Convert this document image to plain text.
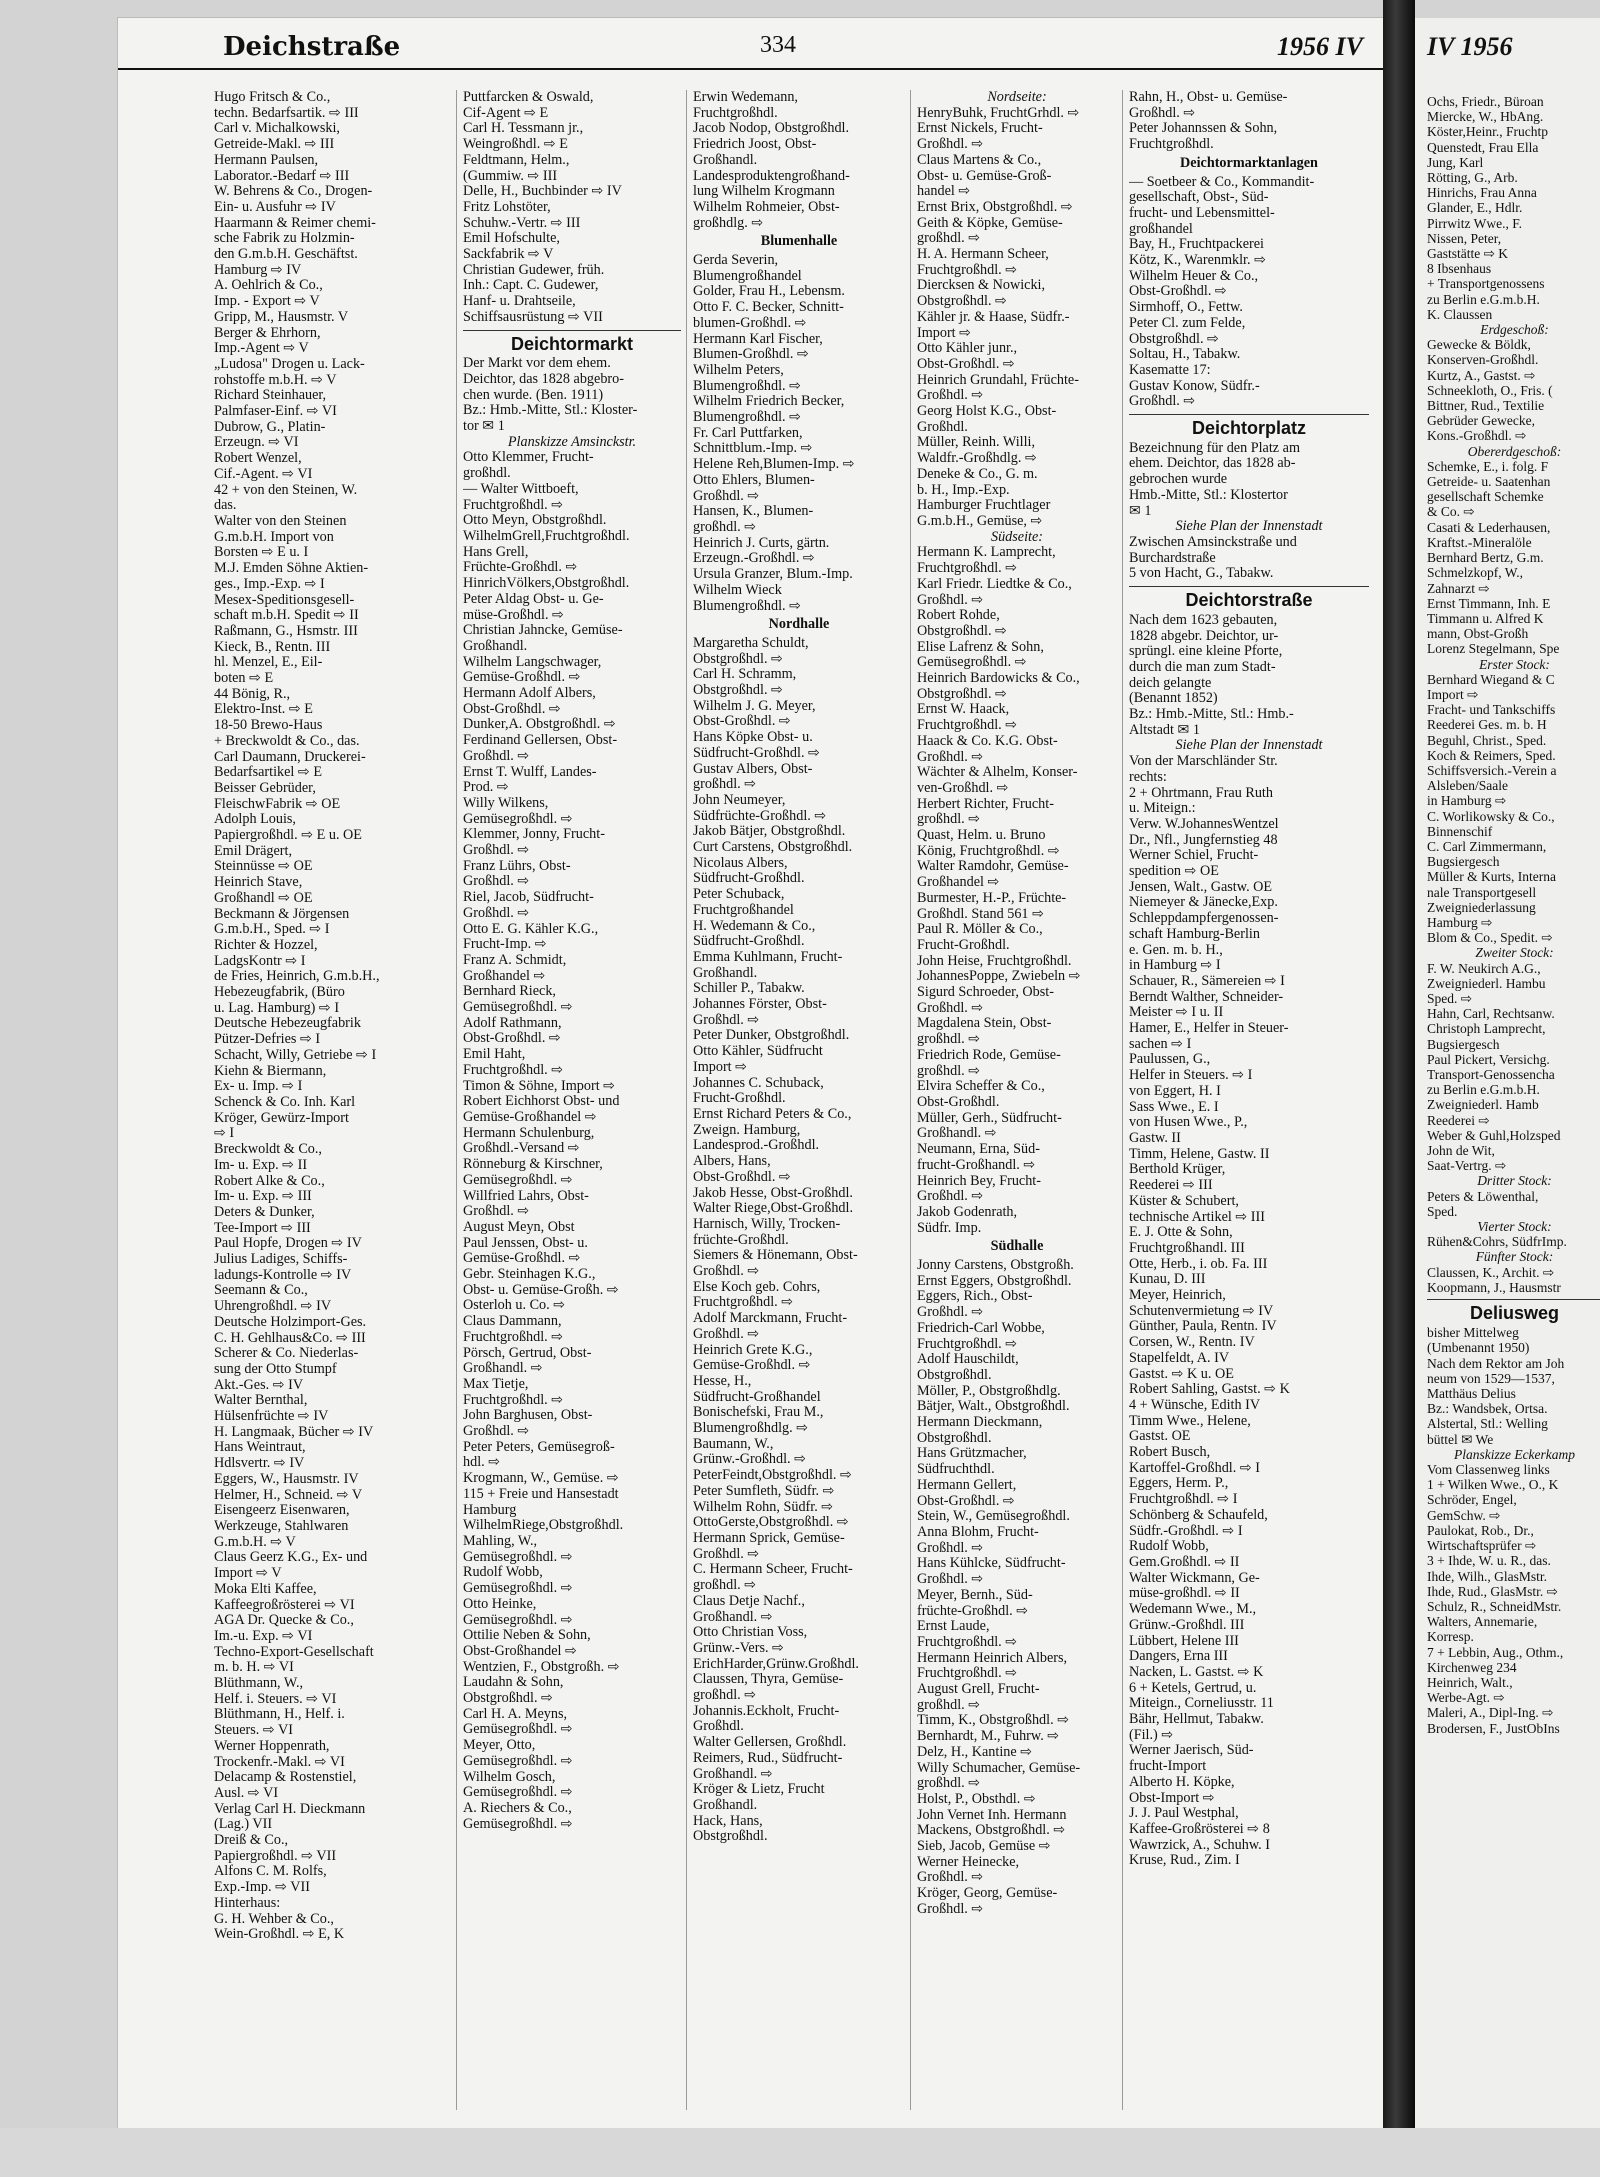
Deichstraße	334	1956 IV
Hugo Fritsch & Co.,
techn. Bedarfsartik. ⇨ III
Carl v. Michalkowski,
Getreide-Makl. ⇨ III
Hermann Paulsen,
Laborator.-Bedarf ⇨ III
W. Behrens & Co., Drogen-
Ein- u. Ausfuhr ⇨ IV
Haarmann & Reimer chemi-
sche Fabrik zu Holzmin-
den G.m.b.H. Geschäftst.
Hamburg ⇨ IV
A. Oehlrich & Co.,
Imp. - Export ⇨ V
Gripp, M., Hausmstr. V
Berger & Ehrhorn,
Imp.-Agent ⇨ V
„Ludosa" Drogen u. Lack-
rohstoffe m.b.H. ⇨ V
Richard Steinhauer,
Palmfaser-Einf. ⇨ VI
Dubrow, G., Platin-
Erzeugn. ⇨ VI
Robert Wenzel,
Cif.-Agent. ⇨ VI
42 + von den Steinen, W.
das.
Walter von den Steinen
G.m.b.H. Import von
Borsten ⇨ E u. I
M.J. Emden Söhne Aktien-
ges., Imp.-Exp. ⇨ I
Mesex-Speditionsgesell-
schaft m.b.H. Spedit ⇨ II
Raßmann, G., Hsmstr. III
Kieck, B., Rentn. III
hl. Menzel, E., Eil-
boten ⇨ E
44 Bönig, R.,
Elektro-Inst. ⇨ E
18-50 Brewo-Haus
+ Breckwoldt & Co., das.
Carl Daumann, Druckerei-
Bedarfsartikel ⇨ E
Beisser Gebrüder,
FleischwFabrik ⇨ OE
Adolph Louis,
Papiergroßhdl. ⇨ E u. OE
Emil Drägert,
Steinnüsse ⇨ OE
Heinrich Stave,
Großhandl ⇨ OE
Beckmann & Jörgensen
G.m.b.H., Sped. ⇨ I
Richter & Hozzel,
LadgsKontr ⇨ I
de Fries, Heinrich, G.m.b.H.,
Hebezeugfabrik, (Büro
u. Lag. Hamburg) ⇨ I
Deutsche Hebezeugfabrik
Pützer-Defries ⇨ I
Schacht, Willy, Getriebe ⇨ I
Kiehn & Biermann,
Ex- u. Imp. ⇨ I
Schenck & Co. Inh. Karl
Kröger, Gewürz-Import
⇨ I
Breckwoldt & Co.,
Im- u. Exp. ⇨ II
Robert Alke & Co.,
Im- u. Exp. ⇨ III
Deters & Dunker,
Tee-Import ⇨ III
Paul Hopfe, Drogen ⇨ IV
Julius Ladiges, Schiffs-
ladungs-Kontrolle ⇨ IV
Seemann & Co.,
Uhrengroßhdl. ⇨ IV
Deutsche Holzimport-Ges.
C. H. Gehlhaus&Co. ⇨ III
Scherer & Co. Niederlas-
sung der Otto Stumpf
Akt.-Ges. ⇨ IV
Walter Bernthal,
Hülsenfrüchte ⇨ IV
H. Langmaak, Bücher ⇨ IV
Hans Weintraut,
Hdlsvertr. ⇨ IV
Eggers, W., Hausmstr. IV
Helmer, H., Schneid. ⇨ V
Eisengeerz Eisenwaren,
Werkzeuge, Stahlwaren
G.m.b.H. ⇨ V
Claus Geerz K.G., Ex- und
Import ⇨ V
Moka Elti Kaffee,
Kaffeegroßrösterei ⇨ VI
AGA Dr. Quecke & Co.,
Im.-u. Exp. ⇨ VI
Techno-Export-Gesellschaft
m. b. H. ⇨ VI
Blüthmann, W.,
Helf. i. Steuers. ⇨ VI
Blüthmann, H., Helf. i.
Steuers. ⇨ VI
Werner Hoppenrath,
Trockenfr.-Makl. ⇨ VI
Delacamp & Rostenstiel,
Ausl. ⇨ VI
Verlag Carl H. Dieckmann
(Lag.) VII
Dreiß & Co.,
Papiergroßhdl. ⇨ VII
Alfons C. M. Rolfs,
Exp.-Imp. ⇨ VII
Hinterhaus:
G. H. Wehber & Co.,
Wein-Großhdl. ⇨ E, K
Puttfarcken & Oswald,
Cif-Agent ⇨ E
Carl H. Tessmann jr.,
Weingroßhdl. ⇨ E
Feldtmann, Helm.,
(Gummiw. ⇨ III
Delle, H., Buchbinder ⇨ IV
Fritz Lohstöter,
Schuhw.-Vertr. ⇨ III
Emil Hofschulte,
Sackfabrik ⇨ V
Christian Gudewer, früh.
Inh.: Capt. C. Gudewer,
Hanf- u. Drahtseile,
Schiffsausrüstung ⇨ VII
Deichtormarkt
Der Markt vor dem ehem.
Deichtor, das 1828 abgebro-
chen wurde. (Ben. 1911)
Bz.: Hmb.-Mitte, Stl.: Kloster-
tor ✉ 1
Planskizze Amsinckstr.
Otto Klemmer, Frucht-
großhdl.
— Walter Wittboeft,
Fruchtgroßhdl. ⇨
Otto Meyn, Obstgroßhdl.
WilhelmGrell,Fruchtgroßhdl.
Hans Grell,
Früchte-Großhdl. ⇨
HinrichVölkers,Obstgroßhdl.
Peter Aldag Obst- u. Ge-
müse-Großhdl. ⇨
Christian Jahncke, Gemüse-
Großhandl.
Wilhelm Langschwager,
Gemüse-Großhdl. ⇨
Hermann Adolf Albers,
Obst-Großhdl. ⇨
Dunker,A. Obstgroßhdl. ⇨
Ferdinand Gellersen, Obst-
Großhdl. ⇨
Ernst T. Wulff, Landes-
Prod. ⇨
Willy Wilkens,
Gemüsegroßhdl. ⇨
Klemmer, Jonny, Frucht-
Großhdl. ⇨
Franz Lührs, Obst-
Großhdl. ⇨
Riel, Jacob, Südfrucht-
Großhdl. ⇨
Otto E. G. Kähler K.G.,
Frucht-Imp. ⇨
Franz A. Schmidt,
Großhandel ⇨
Bernhard Rieck,
Gemüsegroßhdl. ⇨
Adolf Rathmann,
Obst-Großhdl. ⇨
Emil Haht,
Fruchtgroßhdl. ⇨
Timon & Söhne, Import ⇨
Robert Eichhorst Obst- und
Gemüse-Großhandel ⇨
Hermann Schulenburg,
Großhdl.-Versand ⇨
Rönneburg & Kirschner,
Gemüsegroßhdl. ⇨
Willfried Lahrs, Obst-
Großhdl. ⇨
August Meyn, Obst
Paul Jenssen, Obst- u.
Gemüse-Großhdl. ⇨
Gebr. Steinhagen K.G.,
Obst- u. Gemüse-Großh. ⇨
Osterloh u. Co. ⇨
Claus Dammann,
Fruchtgroßhdl. ⇨
Pörsch, Gertrud, Obst-
Großhandl. ⇨
Max Tietje,
Fruchtgroßhdl. ⇨
John Barghusen, Obst-
Großhdl. ⇨
Peter Peters, Gemüsegroß-
hdl. ⇨
Krogmann, W., Gemüse. ⇨
115 + Freie und Hansestadt
Hamburg
WilhelmRiege,Obstgroßhdl.
Mahling, W.,
Gemüsegroßhdl. ⇨
Rudolf Wobb,
Gemüsegroßhdl. ⇨
Otto Heinke,
Gemüsegroßhdl. ⇨
Ottilie Neben & Sohn,
Obst-Großhandel ⇨
Wentzien, F., Obstgroßh. ⇨
Laudahn & Sohn,
Obstgroßhdl. ⇨
Carl H. A. Meyns,
Gemüsegroßhdl. ⇨
Meyer, Otto,
Gemüsegroßhdl. ⇨
Wilhelm Gosch,
Gemüsegroßhdl. ⇨
A. Riechers & Co.,
Gemüsegroßhdl. ⇨
Erwin Wedemann,
Fruchtgroßhdl.
Jacob Nodop, Obstgroßhdl.
Friedrich Joost, Obst-
Großhandl.
Landesproduktengroßhand-
lung Wilhelm Krogmann
Wilhelm Rohmeier, Obst-
großhdlg. ⇨
Blumenhalle
Gerda Severin,
Blumengroßhandel
Golder, Frau H., Lebensm.
Otto F. C. Becker, Schnitt-
blumen-Großhdl. ⇨
Hermann Karl Fischer,
Blumen-Großhdl. ⇨
Wilhelm Peters,
Blumengroßhdl. ⇨
Wilhelm Friedrich Becker,
Blumengroßhdl. ⇨
Fr. Carl Puttfarken,
Schnittblum.-Imp. ⇨
Helene Reh,Blumen-Imp. ⇨
Otto Ehlers, Blumen-
Großhdl. ⇨
Hansen, K., Blumen-
großhdl. ⇨
Heinrich J. Curts, gärtn.
Erzeugn.-Großhdl. ⇨
Ursula Granzer, Blum.-Imp.
Wilhelm Wieck
Blumengroßhdl. ⇨
Nordhalle
Margaretha Schuldt,
Obstgroßhdl. ⇨
Carl H. Schramm,
Obstgroßhdl. ⇨
Wilhelm J. G. Meyer,
Obst-Großhdl. ⇨
Hans Köpke Obst- u.
Südfrucht-Großhdl. ⇨
Gustav Albers, Obst-
großhdl. ⇨
John Neumeyer,
Südfrüchte-Großhdl. ⇨
Jakob Bätjer, Obstgroßhdl.
Curt Carstens, Obstgroßhdl.
Nicolaus Albers,
Südfrucht-Großhdl.
Peter Schuback,
Fruchtgroßhandel
H. Wedemann & Co.,
Südfrucht-Großhdl.
Emma Kuhlmann, Frucht-
Großhandl.
Schiller P., Tabakw.
Johannes Förster, Obst-
Großhdl. ⇨
Peter Dunker, Obstgroßhdl.
Otto Kähler, Südfrucht
Import ⇨
Johannes C. Schuback,
Frucht-Großhdl.
Ernst Richard Peters & Co.,
Zweign. Hamburg,
Landesprod.-Großhdl.
Albers, Hans,
Obst-Großhdl. ⇨
Jakob Hesse, Obst-Großhdl.
Walter Riege,Obst-Großhdl.
Harnisch, Willy, Trocken-
früchte-Großhdl.
Siemers & Hönemann, Obst-
Großhdl. ⇨
Else Koch geb. Cohrs,
Fruchtgroßhdl. ⇨
Adolf Marckmann, Frucht-
Großhdl. ⇨
Heinrich Grete K.G.,
Gemüse-Großhdl. ⇨
Hesse, H.,
Südfrucht-Großhandel
Bonischefski, Frau M.,
Blumengroßhdlg. ⇨
Baumann, W.,
Grünw.-Großhdl. ⇨
PeterFeindt,Obstgroßhdl. ⇨
Peter Sumfleth, Südfr. ⇨
Wilhelm Rohn, Südfr. ⇨
OttoGerste,Obstgroßhdl. ⇨
Hermann Sprick, Gemüse-
Großhdl. ⇨
C. Hermann Scheer, Frucht-
großhdl. ⇨
Claus Detje Nachf.,
Großhandl. ⇨
Otto Christian Voss,
Grünw.-Vers. ⇨
ErichHarder,Grünw.Großhdl.
Claussen, Thyra, Gemüse-
großhdl. ⇨
Johannis.Eckholt, Frucht-
Großhdl.
Walter Gellersen, Großhdl.
Reimers, Rud., Südfrucht-
Großhandl. ⇨
Kröger & Lietz, Frucht
Großhandl.
Hack, Hans,
Obstgroßhdl.
Nordseite:
HenryBuhk, FruchtGrhdl. ⇨
Ernst Nickels, Frucht-
Großhdl. ⇨
Claus Martens & Co.,
Obst- u. Gemüse-Groß-
handel ⇨
Ernst Brix, Obstgroßhdl. ⇨
Geith & Köpke, Gemüse-
großhdl. ⇨
H. A. Hermann Scheer,
Fruchtgroßhdl. ⇨
Diercksen & Nowicki,
Obstgroßhdl. ⇨
Kähler jr. & Haase, Südfr.-
Import ⇨
Otto Kähler junr.,
Obst-Großhdl. ⇨
Heinrich Grundahl, Früchte-
Großhdl. ⇨
Georg Holst K.G., Obst-
Großhdl.
Müller, Reinh. Willi,
Waldfr.-Großhdlg. ⇨
Deneke & Co., G. m.
b. H., Imp.-Exp.
Hamburger Fruchtlager
G.m.b.H., Gemüse, ⇨
Südseite:
Hermann K. Lamprecht,
Fruchtgroßhdl. ⇨
Karl Friedr. Liedtke & Co.,
Großhdl. ⇨
Robert Rohde,
Obstgroßhdl. ⇨
Elise Lafrenz & Sohn,
Gemüsegroßhdl. ⇨
Heinrich Bardowicks & Co.,
Obstgroßhdl. ⇨
Ernst W. Haack,
Fruchtgroßhdl. ⇨
Haack & Co. K.G. Obst-
Großhdl. ⇨
Wächter & Alhelm, Konser-
ven-Großhdl. ⇨
Herbert Richter, Frucht-
großhdl. ⇨
Quast, Helm. u. Bruno
König, Fruchtgroßhdl. ⇨
Walter Ramdohr, Gemüse-
Großhandel ⇨
Burmester, H.-P., Früchte-
Großhdl. Stand 561 ⇨
Paul R. Möller & Co.,
Frucht-Großhdl.
John Heise, Fruchtgroßhdl.
JohannesPoppe, Zwiebeln ⇨
Sigurd Schroeder, Obst-
Großhdl. ⇨
Magdalena Stein, Obst-
großhdl. ⇨
Friedrich Rode, Gemüse-
großhdl. ⇨
Elvira Scheffer & Co.,
Obst-Großhdl.
Müller, Gerh., Südfrucht-
Großhandl. ⇨
Neumann, Erna, Süd-
frucht-Großhandl. ⇨
Heinrich Bey, Frucht-
Großhdl. ⇨
Jakob Godenrath,
Südfr. Imp.
Südhalle
Jonny Carstens, Obstgroßh.
Ernst Eggers, Obstgroßhdl.
Eggers, Rich., Obst-
Großhdl. ⇨
Friedrich-Carl Wobbe,
Fruchtgroßhdl. ⇨
Adolf Hauschildt,
Obstgroßhdl.
Möller, P., Obstgroßhdlg.
Bätjer, Walt., Obstgroßhdl.
Hermann Dieckmann,
Obstgroßhdl.
Hans Grützmacher,
Südfruchthdl.
Hermann Gellert,
Obst-Großhdl. ⇨
Stein, W., Gemüsegroßhdl.
Anna Blohm, Frucht-
Großhdl. ⇨
Hans Kühlcke, Südfrucht-
Großhdl. ⇨
Meyer, Bernh., Süd-
früchte-Großhdl. ⇨
Ernst Laude,
Fruchtgroßhdl. ⇨
Hermann Heinrich Albers,
Fruchtgroßhdl. ⇨
August Grell, Frucht-
großhdl. ⇨
Timm, K., Obstgroßhdl. ⇨
Bernhardt, M., Fuhrw. ⇨
Delz, H., Kantine ⇨
Willy Schumacher, Gemüse-
großhdl. ⇨
Holst, P., Obsthdl. ⇨
John Vernet Inh. Hermann
Mackens, Obstgroßhdl. ⇨
Sieb, Jacob, Gemüse ⇨
Werner Heinecke,
Großhdl. ⇨
Kröger, Georg, Gemüse-
Großhdl. ⇨
Rahn, H., Obst- u. Gemüse-
Großhdl. ⇨
Peter Johannssen & Sohn,
Fruchtgroßhdl.
Deichtormarktanlagen
— Soetbeer & Co., Kommandit-
gesellschaft, Obst-, Süd-
frucht- und Lebensmittel-
großhandel
Bay, H., Fruchtpackerei
Kötz, K., Warenmklr. ⇨
Wilhelm Heuer & Co.,
Obst-Großhdl. ⇨
Sirmhoff, O., Fettw.
Peter Cl. zum Felde,
Obstgroßhdl. ⇨
Soltau, H., Tabakw.
Kasematte 17:
Gustav Konow, Südfr.-
Großhdl. ⇨
Deichtorplatz
Bezeichnung für den Platz am
ehem. Deichtor, das 1828 ab-
gebrochen wurde
Hmb.-Mitte, Stl.: Klostertor
✉ 1
Siehe Plan der Innenstadt
Zwischen Amsinckstraße und
Burchardstraße
5 von Hacht, G., Tabakw.
Deichtorstraße
Nach dem 1623 gebauten,
1828 abgebr. Deichtor, ur-
sprüngl. eine kleine Pforte,
durch die man zum Stadt-
deich gelangte
(Benannt 1852)
Bz.: Hmb.-Mitte, Stl.: Hmb.-
Altstadt ✉ 1
Siehe Plan der Innenstadt
Von der Marschländer Str.
rechts:
2 + Ohrtmann, Frau Ruth
u. Miteign.:
Verw. W.JohannesWentzel
Dr., Nfl., Jungfernstieg 48
Werner Schiel, Frucht-
spedition ⇨ OE
Jensen, Walt., Gastw. OE
Niemeyer & Jänecke,Exp.
Schleppdampfergenossen-
schaft Hamburg-Berlin
e. Gen. m. b. H.,
in Hamburg ⇨ I
Schauer, R., Sämereien ⇨ I
Berndt Walther, Schneider-
Meister ⇨ I u. II
Hamer, E., Helfer in Steuer-
sachen ⇨ I
Paulussen, G.,
Helfer in Steuers. ⇨ I
von Eggert, H. I
Sass Wwe., E. I
von Husen Wwe., P.,
Gastw. II
Timm, Helene, Gastw. II
Berthold Krüger,
Reederei ⇨ III
Küster & Schubert,
technische Artikel ⇨ III
E. J. Otte & Sohn,
Fruchtgroßhandl. III
Otte, Herb., i. ob. Fa. III
Kunau, D. III
Meyer, Heinrich,
Schutenvermietung ⇨ IV
Günther, Paula, Rentn. IV
Corsen, W., Rentn. IV
Stapelfeldt, A. IV
Gastst. ⇨ K u. OE
Robert Sahling, Gastst. ⇨ K
4 + Wünsche, Edith IV
Timm Wwe., Helene,
Gastst. OE
Robert Busch,
Kartoffel-Großhdl. ⇨ I
Eggers, Herm. P.,
Fruchtgroßhdl. ⇨ I
Schönberg & Schaufeld,
Südfr.-Großhdl. ⇨ I
Rudolf Wobb,
Gem.Großhdl. ⇨ II
Walter Wickmann, Ge-
müse-großhdl. ⇨ II
Wedemann Wwe., M.,
Grünw.-Großhdl. III
Lübbert, Helene III
Dangers, Erna III
Nacken, L. Gastst. ⇨ K
6 + Ketels, Gertrud, u.
Miteign., Corneliusstr. 11
Bähr, Hellmut, Tabakw.
(Fil.) ⇨
Werner Jaerisch, Süd-
frucht-Import
Alberto H. Köpke,
Obst-Import ⇨
J. J. Paul Westphal,
Kaffee-Großrösterei ⇨ 8
Wawrzick, A., Schuhw. I
Kruse, Rud., Zim. I
IV 1956
Ochs, Friedr., Büroan
Miercke, W., HbAng.
Köster,Heinr., Fruchtp
Quenstedt, Frau Ella
Jung, Karl
Rötting, G., Arb.
Hinrichs, Frau Anna
Glander, E., Hdlr.
Pirrwitz Wwe., F.
Nissen, Peter,
Gaststätte ⇨ K
8 Ibsenhaus
+ Transportgenossens
zu Berlin e.G.m.b.H.
K. Claussen
Erdgeschoß:
Gewecke & Böldk,
Konserven-Großhdl.
Kurtz, A., Gastst. ⇨
Schneekloth, O., Fris. (
Bittner, Rud., Textilie
Gebrüder Gewecke,
Kons.-Großhdl. ⇨
Obererdgeschoß:
Schemke, E., i. folg. F
Getreide- u. Saatenhan
gesellschaft Schemke
& Co. ⇨
Casati & Lederhausen,
Kraftst.-Mineralöle
Bernhard Bertz, G.m.
Schmelzkopf, W.,
Zahnarzt ⇨
Ernst Timmann, Inh. E
Timmann u. Alfred K
mann, Obst-Großh
Lorenz Stegelmann, Spe
Erster Stock:
Bernhard Wiegand & C
Import ⇨
Fracht- und Tankschiffs
Reederei Ges. m. b. H
Beguhl, Christ., Sped.
Koch & Reimers, Sped.
Schiffsversich.-Verein a
Alsleben/Saale
in Hamburg ⇨
C. Worlikowsky & Co.,
Binnenschif
C. Carl Zimmermann,
Bugsiergesch
Müller & Kurts, Interna
nale Transportgesell
Zweigniederlassung
Hamburg ⇨
Blom & Co., Spedit. ⇨
Zweiter Stock:
F. W. Neukirch A.G.,
Zweigniederl. Hambu
Sped. ⇨
Hahn, Carl, Rechtsanw.
Christoph Lamprecht,
Bugsiergesch
Paul Pickert, Versichg.
Transport-Genossencha
zu Berlin e.G.m.b.H.
Zweigniederl. Hamb
Reederei ⇨
Weber & Guhl,Holzsped
John de Wit,
Saat-Vertrg. ⇨
Dritter Stock:
Peters & Löwenthal,
Sped.
Vierter Stock:
Rühen&Cohrs, SüdfrImp.
Fünfter Stock:
Claussen, K., Archit. ⇨
Koopmann, J., Hausmstr
Deliusweg
bisher Mittelweg
(Umbenannt 1950)
Nach dem Rektor am Joh
neum von 1529—1537,
Matthäus Delius
Bz.: Wandsbek, Ortsa.
Alstertal, Stl.: Welling
büttel ✉ We
Planskizze Eckerkamp
Vom Classenweg links
1 + Wilken Wwe., O., K
Schröder, Engel,
GemSchw. ⇨
Paulokat, Rob., Dr.,
Wirtschaftsprüfer ⇨
3 + Ihde, W. u. R., das.
Ihde, Wilh., GlasMstr.
Ihde, Rud., GlasMstr. ⇨
Schulz, R., SchneidMstr.
Walters, Annemarie,
Korresp.
7 + Lebbin, Aug., Othm.,
Kirchenweg 234
Heinrich, Walt.,
Werbe-Agt. ⇨
Maleri, A., Dipl-Ing. ⇨
Brodersen, F., JustObIns
